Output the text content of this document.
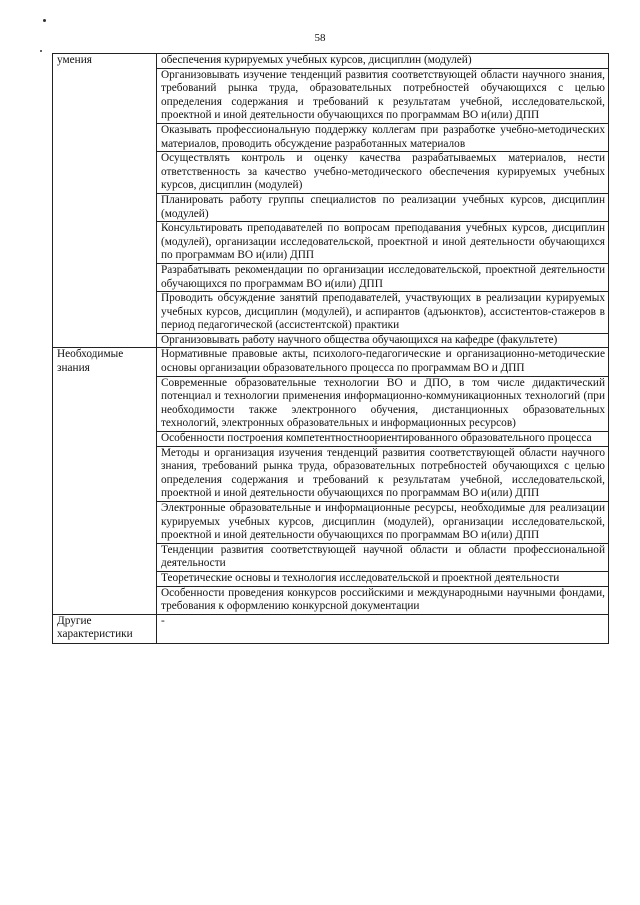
58
умения	обеспечения курируемых учебных курсов, дисциплин (модулей)
	Организовывать изучение тенденций развития соответствующей области научного знания, требований рынка труда, образовательных потребностей обучающихся с целью определения содержания и требований к результатам учебной, исследовательской, проектной и иной деятельности обучающихся по программам ВО и(или) ДПП
	Оказывать профессиональную поддержку коллегам при разработке учебно-методических материалов, проводить обсуждение разработанных материалов
	Осуществлять контроль и оценку качества разрабатываемых материалов, нести ответственность за качество учебно-методического обеспечения курируемых учебных курсов, дисциплин (модулей)
	Планировать работу группы специалистов по реализации учебных курсов, дисциплин (модулей)
	Консультировать преподавателей по вопросам преподавания учебных курсов, дисциплин (модулей), организации исследовательской, проектной и иной деятельности обучающихся по программам ВО и(или) ДПП
	Разрабатывать рекомендации по организации исследовательской, проектной деятельности обучающихся по программам ВО и(или) ДПП
	Проводить обсуждение занятий преподавателей, участвующих в реализации курируемых учебных курсов, дисциплин (модулей), и аспирантов (адъюнктов), ассистентов-стажеров в период педагогической (ассистентской) практики
	Организовывать работу научного общества обучающихся на кафедре (факультете)
Необходимые знания	Нормативные правовые акты, психолого-педагогические и организационно-методические основы организации образовательного процесса по программам ВО и ДПП
	Современные образовательные технологии ВО и ДПО, в том числе дидактический потенциал и технологии применения информационно-коммуникационных технологий (при необходимости также электронного обучения, дистанционных образовательных технологий, электронных образовательных и информационных ресурсов)
	Особенности построения компетентностноориентированного образовательного процесса
	Методы и организация изучения тенденций развития соответствующей области научного знания, требований рынка труда, образовательных потребностей обучающихся с целью определения содержания и требований к результатам учебной, исследовательской, проектной и иной деятельности обучающихся по программам ВО и(или) ДПП
	Электронные образовательные и информационные ресурсы, необходимые для реализации курируемых учебных курсов, дисциплин (модулей), организации исследовательской, проектной и иной деятельности обучающихся по программам ВО и(или) ДПП
	Тенденции развития соответствующей научной области и области профессиональной деятельности
	Теоретические основы и технология исследовательской и проектной деятельности
	Особенности проведения конкурсов российскими и международными научными фондами, требования к оформлению конкурсной документации
Другие характеристики	-
